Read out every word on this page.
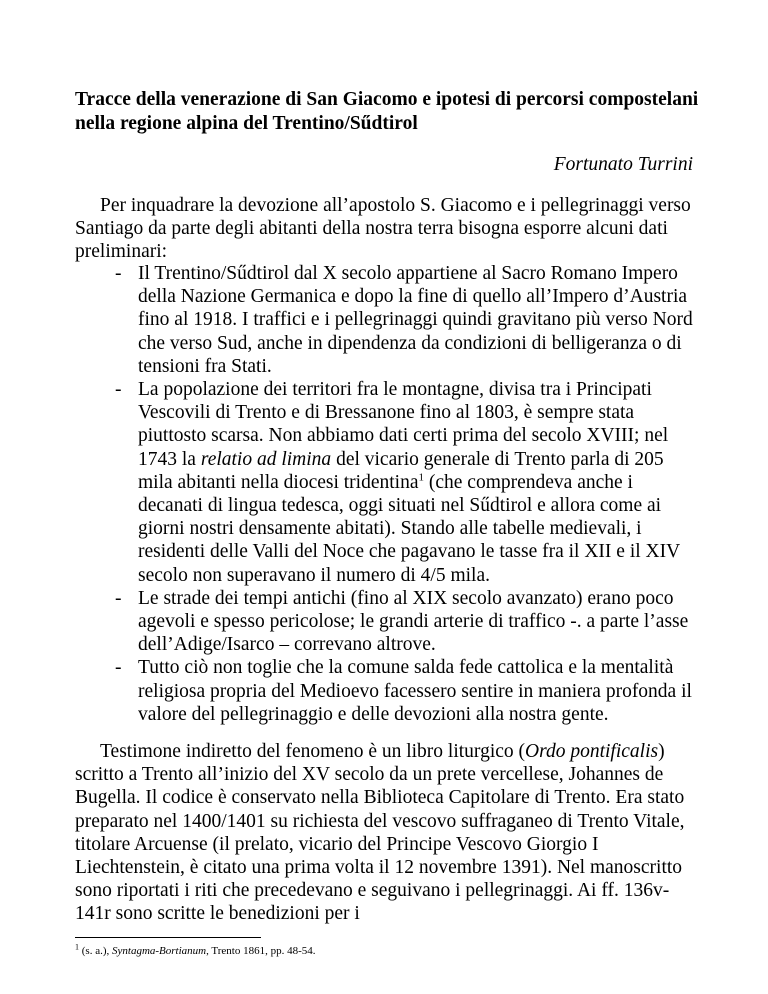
Tracce della venerazione di San Giacomo e ipotesi di percorsi compostelani nella regione alpina del Trentino/Sűdtirol

Fortunato Turrini

Per inquadrare la devozione all’apostolo S. Giacomo e i pellegrinaggi verso Santiago da parte degli abitanti della nostra terra bisogna esporre alcuni dati preliminari:

- Il Trentino/Sűdtirol dal X secolo appartiene al Sacro Romano Impero della Nazione Germanica e dopo la fine di quello all’Impero d’Austria fino al 1918. I traffici e i pellegrinaggi quindi gravitano più verso Nord che verso Sud, anche in dipendenza da condizioni di belligeranza o di tensioni fra Stati.
- La popolazione dei territori fra le montagne, divisa tra i Principati Vescovili di Trento e di Bressanone fino al 1803, è sempre stata piuttosto scarsa. Non abbiamo dati certi prima del secolo XVIII; nel 1743 la relatio ad limina del vicario generale di Trento parla di 205 mila abitanti nella diocesi tridentina$^1$ (che comprendeva anche i decanati di lingua tedesca, oggi situati nel Sűdtirol e allora come ai giorni nostri densamente abitati). Stando alle tabelle medievali, i residenti delle Valli del Noce che pagavano le tasse fra il XII e il XIV secolo non superavano il numero di 4/5 mila.
- Le strade dei tempi antichi (fino al XIX secolo avanzato) erano poco agevoli e spesso pericolose; le grandi arterie di traffico -. a parte l’asse dell’Adige/Isarco – correvano altrove.
- Tutto ciò non toglie che la comune salda fede cattolica e la mentalità religiosa propria del Medioevo facessero sentire in maniera profonda il valore del pellegrinaggio e delle devozioni alla nostra gente.

Testimone indiretto del fenomeno è un libro liturgico (Ordo pontificalis) scritto a Trento all’inizio del XV secolo da un prete vercellese, Johannes de Bugella. Il codice è conservato nella Biblioteca Capitolare di Trento. Era stato preparato nel 1400/1401 su richiesta del vescovo suffraganeo di Trento Vitale, titolare Arcuense (il prelato, vicario del Principe Vescovo Giorgio I Liechtenstein, è citato una prima volta il 12 novembre 1391). Nel manoscritto sono riportati i riti che precedevano e seguivano i pellegrinaggi. Ai ff. 136v-141r sono scritte le benedizioni per i

$^1$ (s. a.), Syntagma-Bortianum, Trento 1861, pp. 48-54.
